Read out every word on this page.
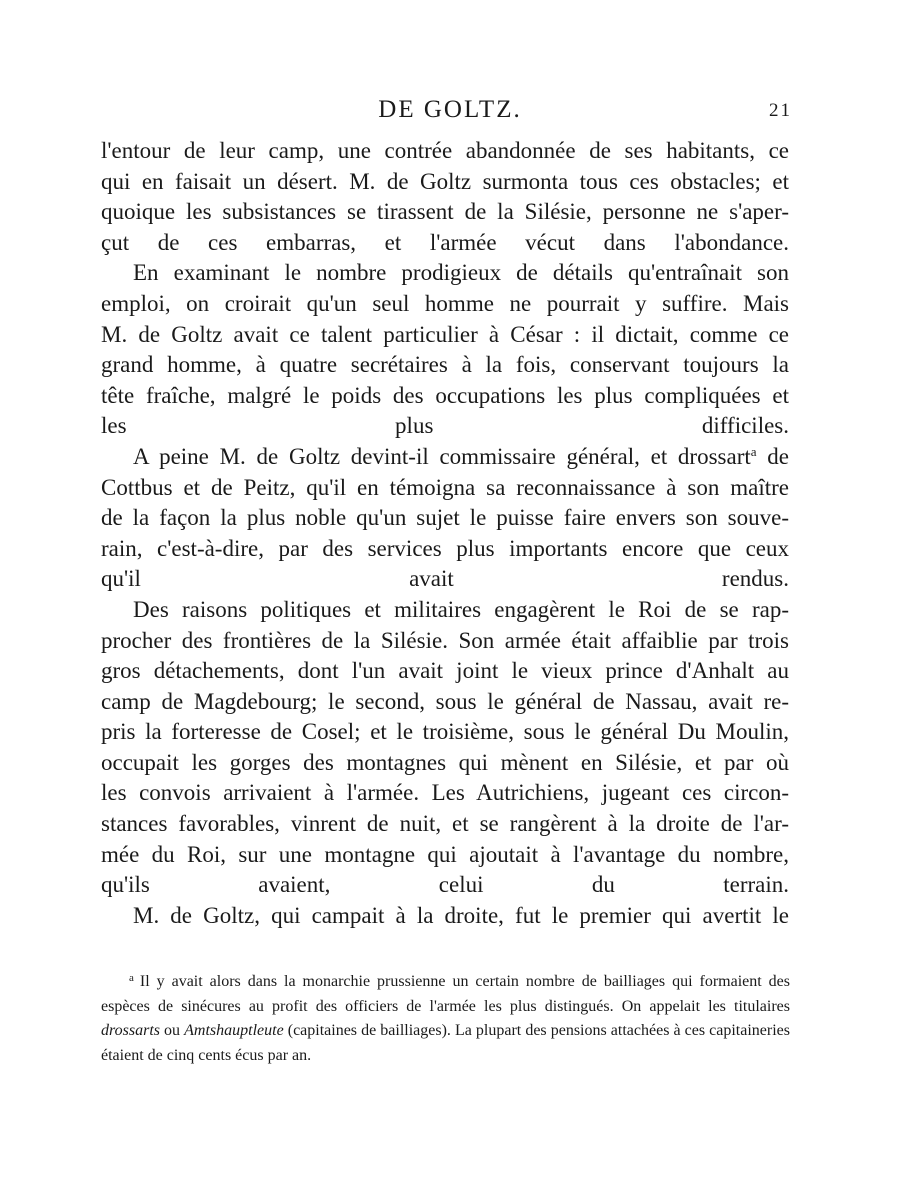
DE GOLTZ.	21

l'entour de leur camp, une contrée abandonnée de ses habitants, ce
qui en faisait un désert. M. de Goltz surmonta tous ces obstacles; et
quoique les subsistances se tirassent de la Silésie, personne ne s'aper-
çut de ces embarras, et l'armée vécut dans l'abondance.

En examinant le nombre prodigieux de détails qu'entraînait son
emploi, on croirait qu'un seul homme ne pourrait y suffire. Mais
M. de Goltz avait ce talent particulier à César : il dictait, comme ce
grand homme, à quatre secrétaires à la fois, conservant toujours la
tête fraîche, malgré le poids des occupations les plus compliquées et
les plus difficiles.

A peine M. de Goltz devint-il commissaire général, et drossart$^a$ de
Cottbus et de Peitz, qu'il en témoigna sa reconnaissance à son maître
de la façon la plus noble qu'un sujet le puisse faire envers son souve-
rain, c'est-à-dire, par des services plus importants encore que ceux
qu'il avait rendus.

Des raisons politiques et militaires engagèrent le Roi de se rap-
procher des frontières de la Silésie. Son armée était affaiblie par trois
gros détachements, dont l'un avait joint le vieux prince d'Anhalt au
camp de Magdebourg; le second, sous le général de Nassau, avait re-
pris la forteresse de Cosel; et le troisième, sous le général Du Moulin,
occupait les gorges des montagnes qui mènent en Silésie, et par où
les convois arrivaient à l'armée. Les Autrichiens, jugeant ces circon-
stances favorables, vinrent de nuit, et se rangèrent à la droite de l'ar-
mée du Roi, sur une montagne qui ajoutait à l'avantage du nombre,
qu'ils avaient, celui du terrain.

M. de Goltz, qui campait à la droite, fut le premier qui avertit le

$^a$ Il y avait alors dans la monarchie prussienne un certain nombre de bailliages qui formaient des espèces de sinécures au profit des officiers de l'armée les plus distingués. On appelait les titulaires drossarts ou Amtshauptleute (capitaines de bailliages). La plupart des pensions attachées à ces capitaineries étaient de cinq cents écus par an.
